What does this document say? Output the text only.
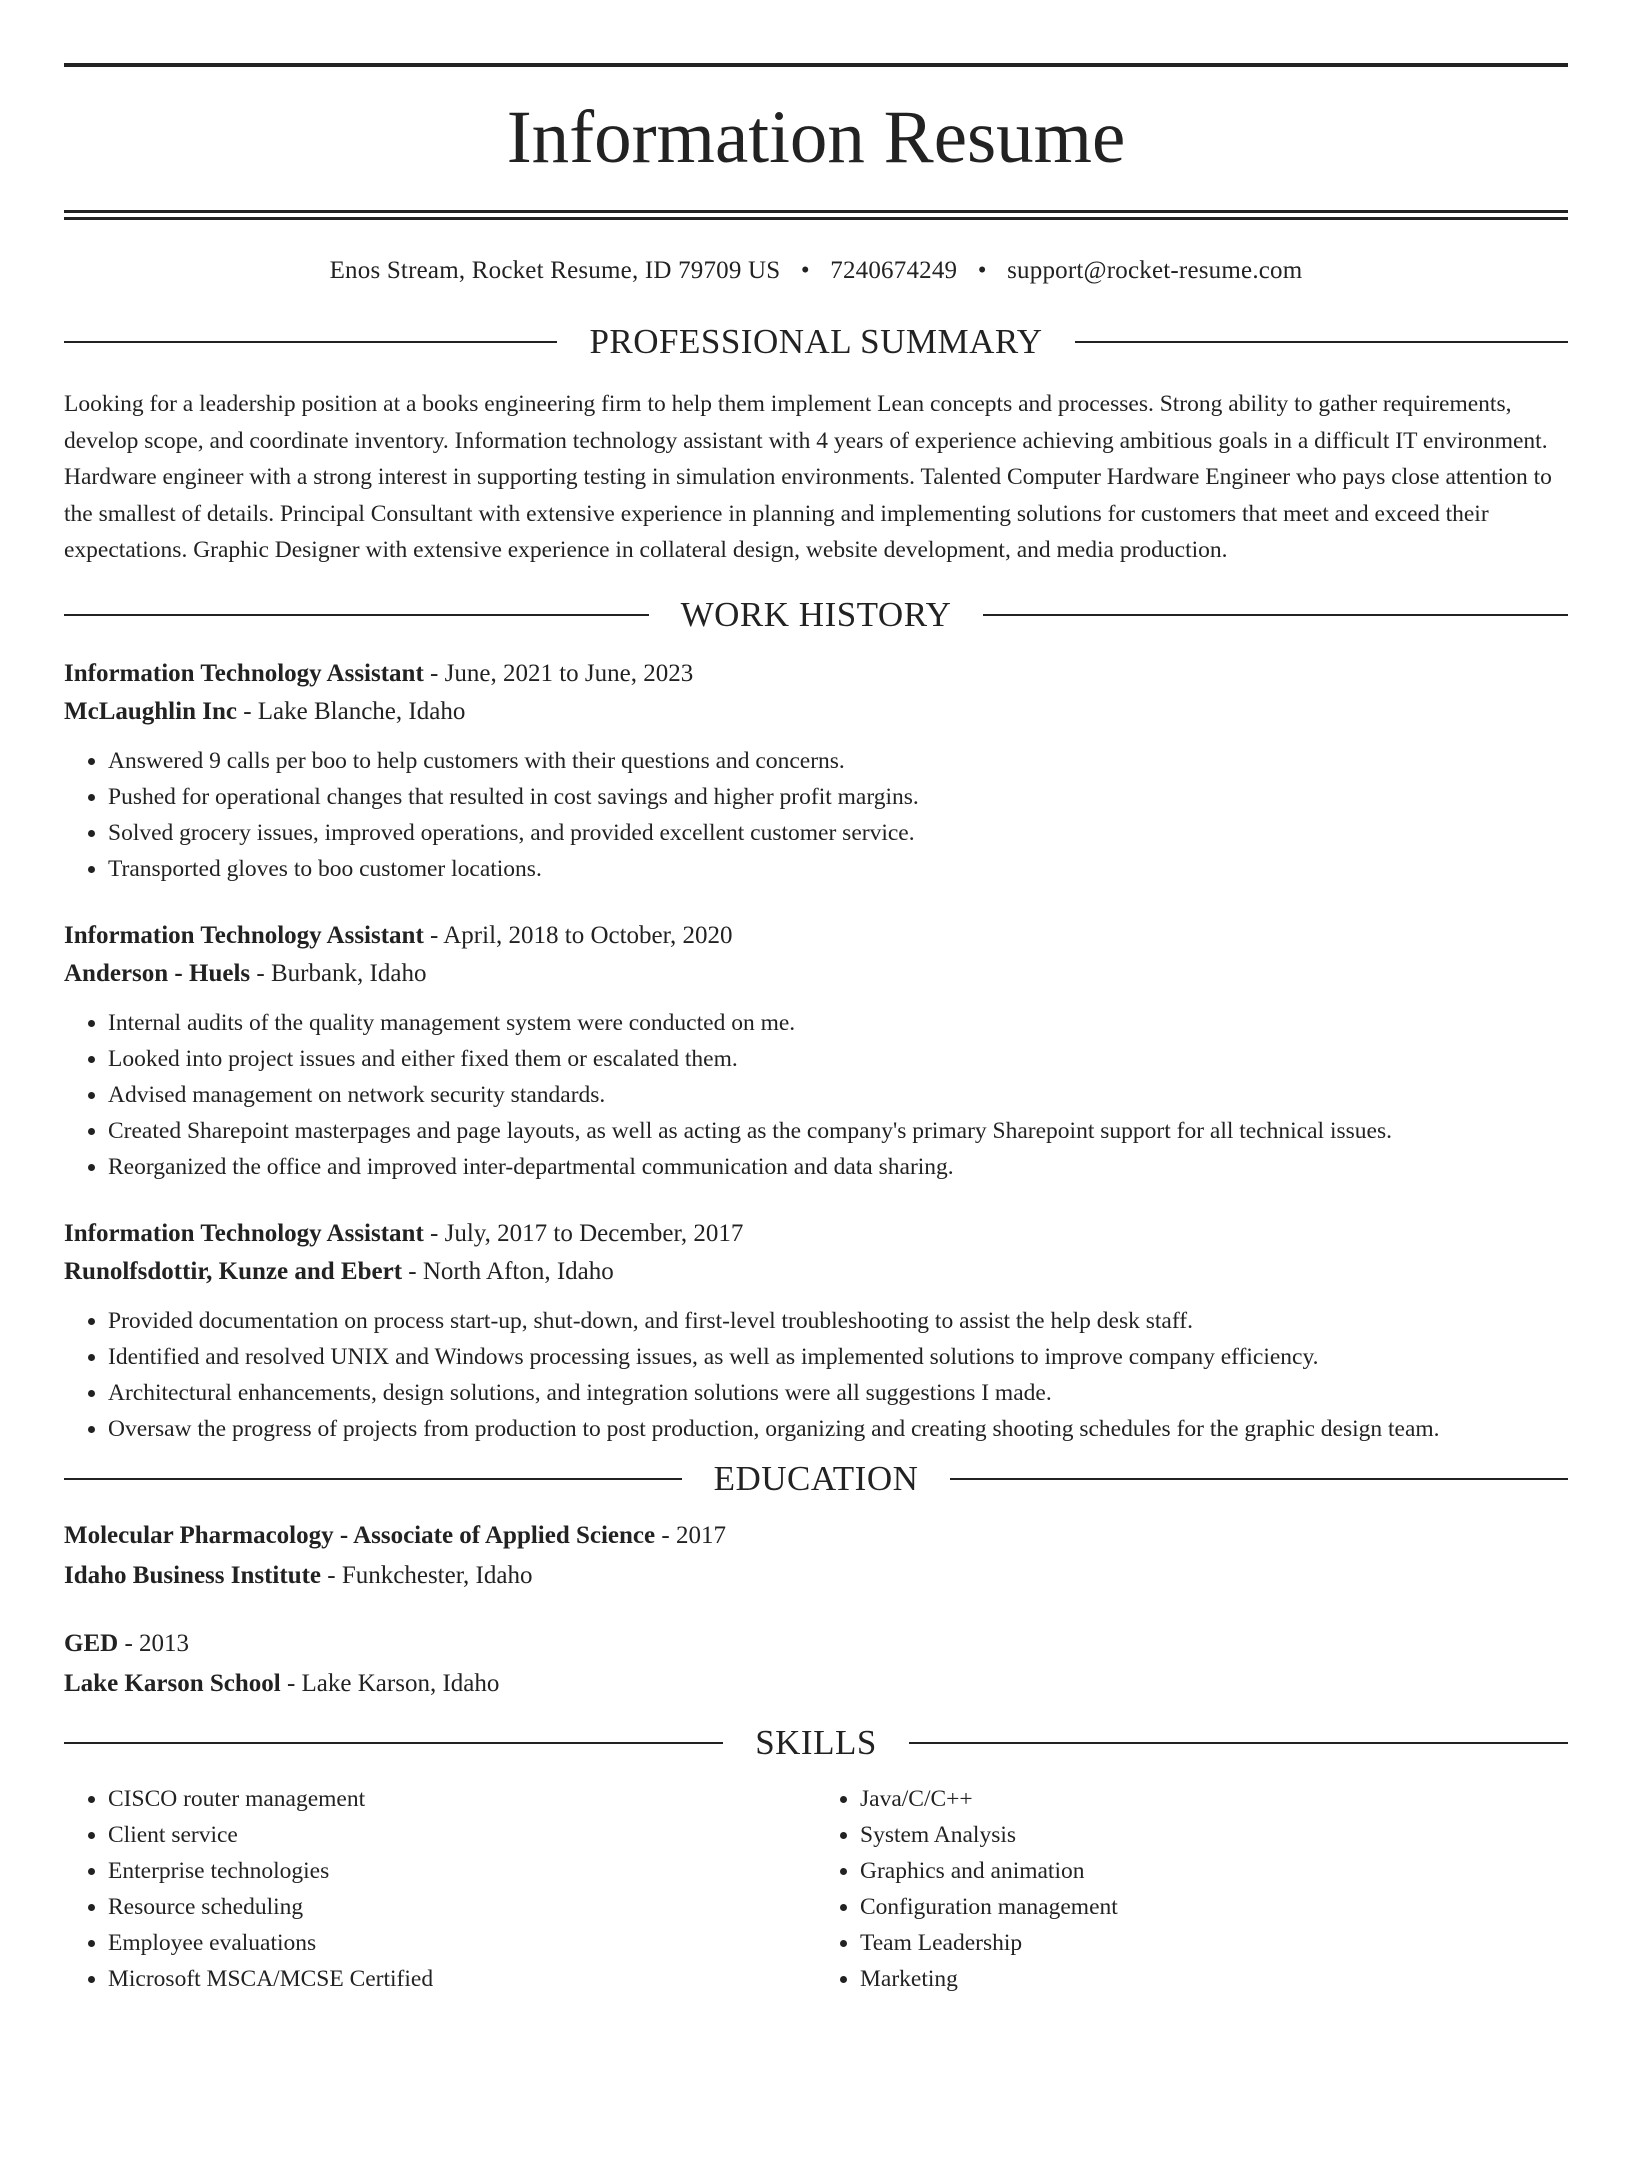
Information Resume
Enos Stream, Rocket Resume, ID 79709 US • 7240674249 • support@rocket-resume.com
PROFESSIONAL SUMMARY
Looking for a leadership position at a books engineering firm to help them implement Lean concepts and processes. Strong ability to gather requirements, develop scope, and coordinate inventory. Information technology assistant with 4 years of experience achieving ambitious goals in a difficult IT environment. Hardware engineer with a strong interest in supporting testing in simulation environments. Talented Computer Hardware Engineer who pays close attention to the smallest of details. Principal Consultant with extensive experience in planning and implementing solutions for customers that meet and exceed their expectations. Graphic Designer with extensive experience in collateral design, website development, and media production.
WORK HISTORY
Information Technology Assistant - June, 2021 to June, 2023
McLaughlin Inc - Lake Blanche, Idaho
• Answered 9 calls per boo to help customers with their questions and concerns.
• Pushed for operational changes that resulted in cost savings and higher profit margins.
• Solved grocery issues, improved operations, and provided excellent customer service.
• Transported gloves to boo customer locations.
Information Technology Assistant - April, 2018 to October, 2020
Anderson - Huels - Burbank, Idaho
• Internal audits of the quality management system were conducted on me.
• Looked into project issues and either fixed them or escalated them.
• Advised management on network security standards.
• Created Sharepoint masterpages and page layouts, as well as acting as the company's primary Sharepoint support for all technical issues.
• Reorganized the office and improved inter-departmental communication and data sharing.
Information Technology Assistant - July, 2017 to December, 2017
Runolfsdottir, Kunze and Ebert - North Afton, Idaho
• Provided documentation on process start-up, shut-down, and first-level troubleshooting to assist the help desk staff.
• Identified and resolved UNIX and Windows processing issues, as well as implemented solutions to improve company efficiency.
• Architectural enhancements, design solutions, and integration solutions were all suggestions I made.
• Oversaw the progress of projects from production to post production, organizing and creating shooting schedules for the graphic design team.
EDUCATION
Molecular Pharmacology - Associate of Applied Science - 2017
Idaho Business Institute - Funkchester, Idaho
GED - 2013
Lake Karson School - Lake Karson, Idaho
SKILLS
• CISCO router management
• Client service
• Enterprise technologies
• Resource scheduling
• Employee evaluations
• Microsoft MSCA/MCSE Certified
• Java/C/C++
• System Analysis
• Graphics and animation
• Configuration management
• Team Leadership
• Marketing
